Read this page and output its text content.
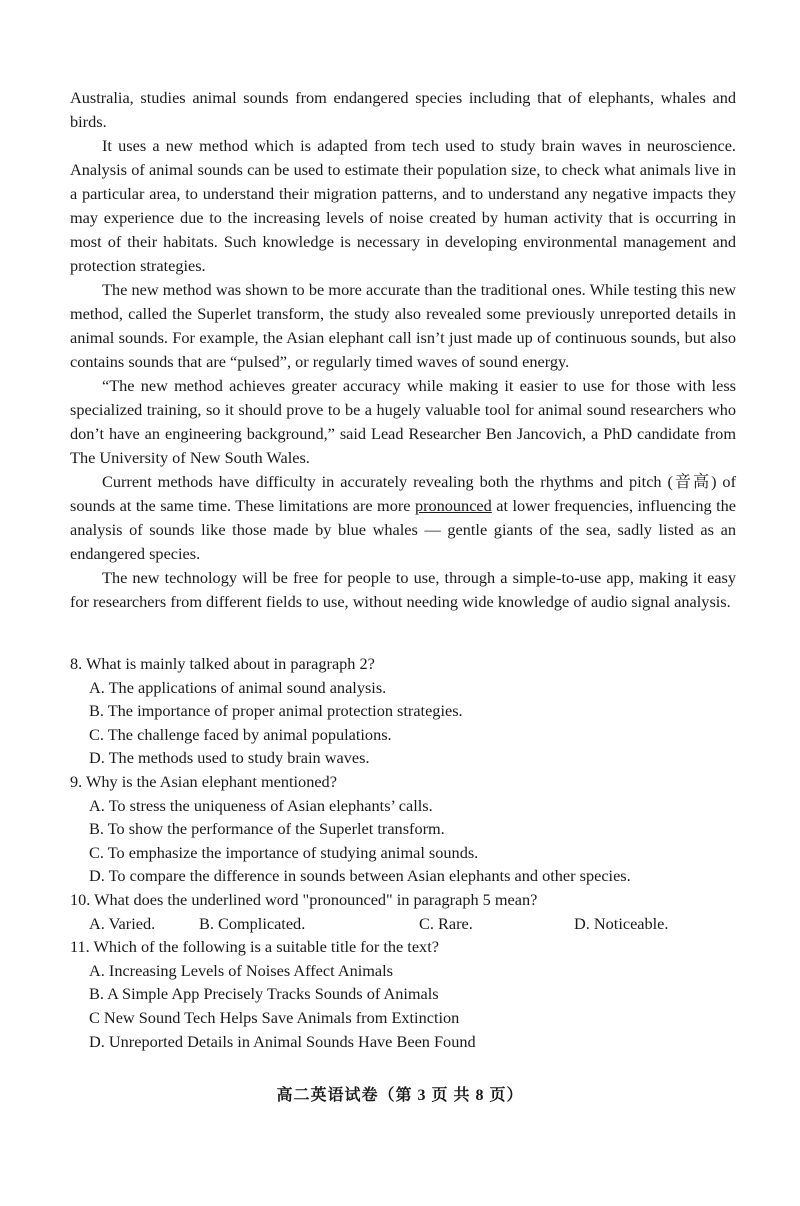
Australia, studies animal sounds from endangered species including that of elephants, whales and birds.

It uses a new method which is adapted from tech used to study brain waves in neuroscience. Analysis of animal sounds can be used to estimate their population size, to check what animals live in a particular area, to understand their migration patterns, and to understand any negative impacts they may experience due to the increasing levels of noise created by human activity that is occurring in most of their habitats. Such knowledge is necessary in developing environmental management and protection strategies.

The new method was shown to be more accurate than the traditional ones. While testing this new method, called the Superlet transform, the study also revealed some previously unreported details in animal sounds. For example, the Asian elephant call isn’t just made up of continuous sounds, but also contains sounds that are “pulsed”, or regularly timed waves of sound energy.

“The new method achieves greater accuracy while making it easier to use for those with less specialized training, so it should prove to be a hugely valuable tool for animal sound researchers who don’t have an engineering background,” said Lead Researcher Ben Jancovich, a PhD candidate from The University of New South Wales.

Current methods have difficulty in accurately revealing both the rhythms and pitch (音高) of sounds at the same time. These limitations are more pronounced at lower frequencies, influencing the analysis of sounds like those made by blue whales — gentle giants of the sea, sadly listed as an endangered species.

The new technology will be free for people to use, through a simple-to-use app, making it easy for researchers from different fields to use, without needing wide knowledge of audio signal analysis.

8. What is mainly talked about in paragraph 2?

A. The applications of animal sound analysis.

B. The importance of proper animal protection strategies.

C. The challenge faced by animal populations.

D. The methods used to study brain waves.

9. Why is the Asian elephant mentioned?

A. To stress the uniqueness of Asian elephants’ calls.

B. To show the performance of the Superlet transform.

C. To emphasize the importance of studying animal sounds.

D. To compare the difference in sounds between Asian elephants and other species.

10. What does the underlined word "pronounced" in paragraph 5 mean?

A. Varied.	B. Complicated.	C. Rare.	D. Noticeable.

11. Which of the following is a suitable title for the text?

A. Increasing Levels of Noises Affect Animals

B. A Simple App Precisely Tracks Sounds of Animals

C New Sound Tech Helps Save Animals from Extinction

D. Unreported Details in Animal Sounds Have Been Found

高二英语试卷（第 3 页 共 8 页）
